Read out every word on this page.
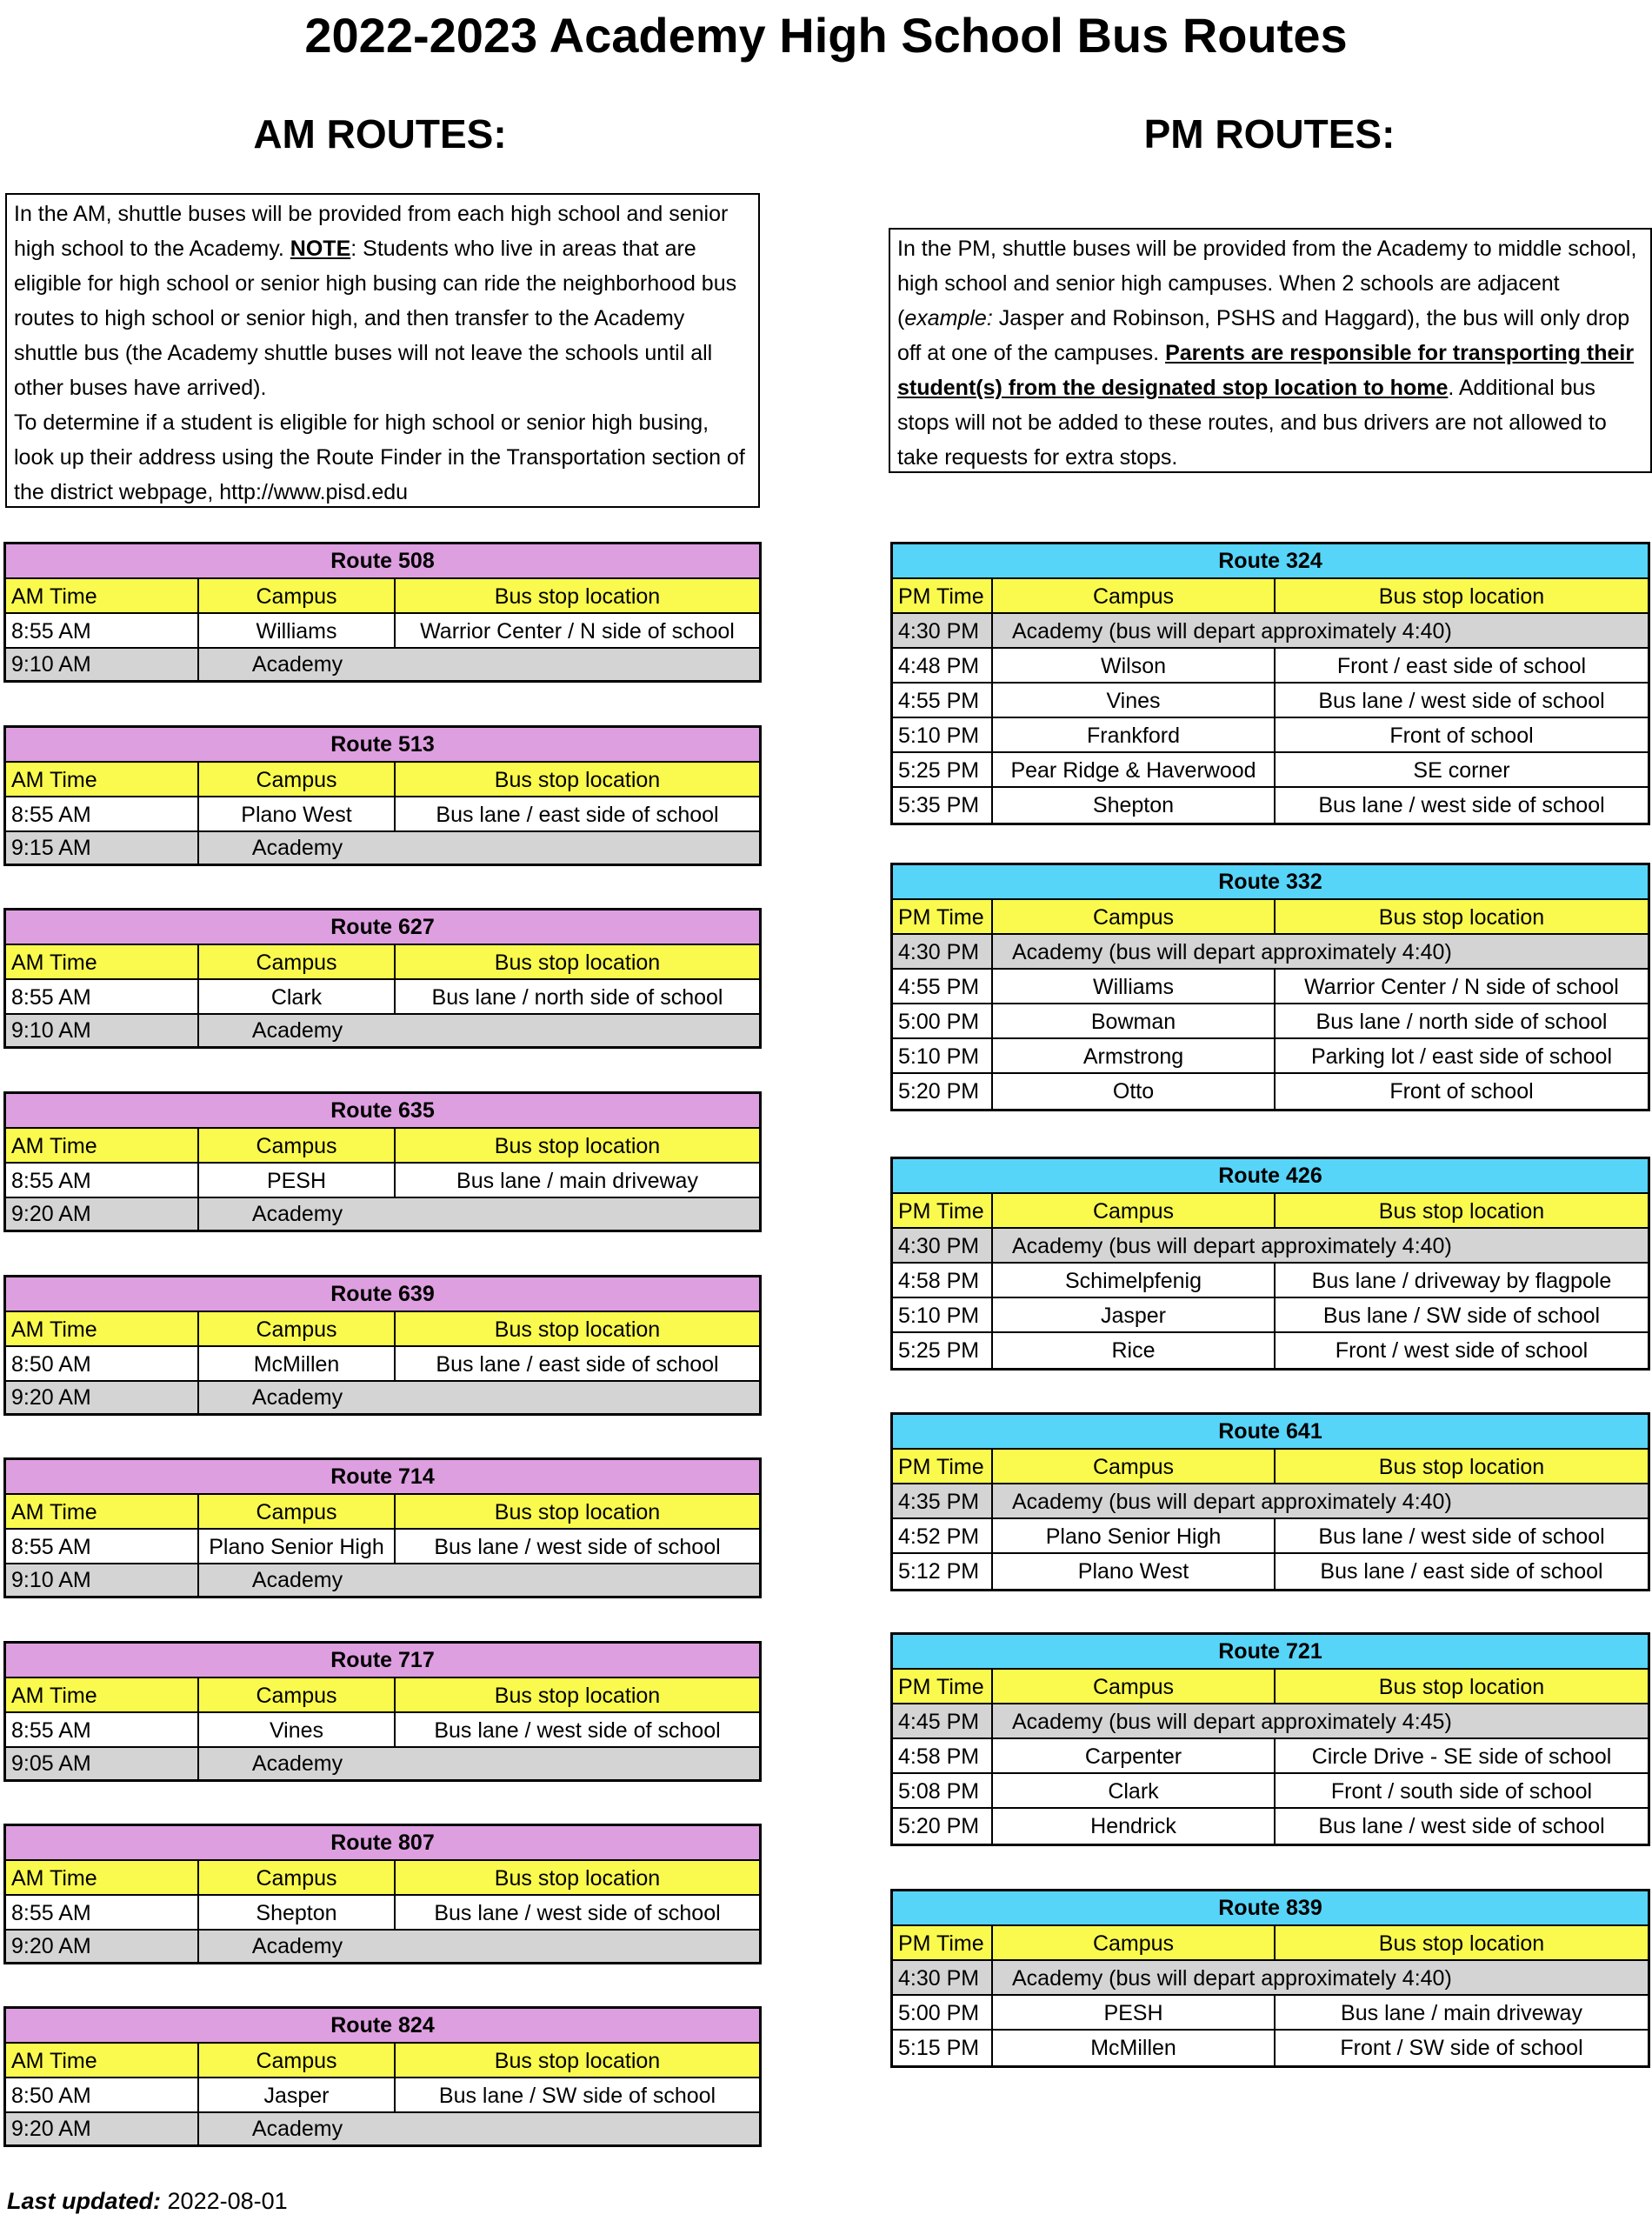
2022-2023 Academy High School Bus Routes
AM ROUTES:	PM ROUTES:

In the AM, shuttle buses will be provided from each high school and senior high school to the Academy. NOTE: Students who live in areas that are eligible for high school or senior high busing can ride the neighborhood bus routes to high school or senior high, and then transfer to the Academy shuttle bus (the Academy shuttle buses will not leave the schools until all other buses have arrived).

To determine if a student is eligible for high school or senior high busing, look up their address using the Route Finder in the Transportation section of the district webpage, http://www.pisd.edu

In the PM, shuttle buses will be provided from the Academy to middle school, high school and senior high campuses. When 2 schools are adjacent (example: Jasper and Robinson, PSHS and Haggard), the bus will only drop off at one of the campuses. Parents are responsible for transporting their student(s) from the designated stop location to home. Additional bus stops will not be added to these routes, and bus drivers are not allowed to take requests for extra stops.

Route 508
AM Time	Campus	Bus stop location
8:55 AM	Williams	Warrior Center / N side of school
9:10 AM	Academy
Route 513
AM Time	Campus	Bus stop location
8:55 AM	Plano West	Bus lane / east side of school
9:15 AM	Academy
Route 627
AM Time	Campus	Bus stop location
8:55 AM	Clark	Bus lane / north side of school
9:10 AM	Academy
Route 635
AM Time	Campus	Bus stop location
8:55 AM	PESH	Bus lane / main driveway
9:20 AM	Academy
Route 639
AM Time	Campus	Bus stop location
8:50 AM	McMillen	Bus lane / east side of school
9:20 AM	Academy
Route 714
AM Time	Campus	Bus stop location
8:55 AM	Plano Senior High	Bus lane / west side of school
9:10 AM	Academy
Route 717
AM Time	Campus	Bus stop location
8:55 AM	Vines	Bus lane / west side of school
9:05 AM	Academy
Route 807
AM Time	Campus	Bus stop location
8:55 AM	Shepton	Bus lane / west side of school
9:20 AM	Academy
Route 824
AM Time	Campus	Bus stop location
8:50 AM	Jasper	Bus lane / SW side of school
9:20 AM	Academy
Route 324
PM Time	Campus	Bus stop location
4:30 PM	Academy (bus will depart approximately 4:40)
4:48 PM	Wilson	Front / east side of school
4:55 PM	Vines	Bus lane / west side of school
5:10 PM	Frankford	Front of school
5:25 PM	Pear Ridge & Haverwood	SE corner
5:35 PM	Shepton	Bus lane / west side of school
Route 332
PM Time	Campus	Bus stop location
4:30 PM	Academy (bus will depart approximately 4:40)
4:55 PM	Williams	Warrior Center / N side of school
5:00 PM	Bowman	Bus lane / north side of school
5:10 PM	Armstrong	Parking lot / east side of school
5:20 PM	Otto	Front of school
Route 426
PM Time	Campus	Bus stop location
4:30 PM	Academy (bus will depart approximately 4:40)
4:58 PM	Schimelpfenig	Bus lane / driveway by flagpole
5:10 PM	Jasper	Bus lane / SW side of school
5:25 PM	Rice	Front / west side of school
Route 641
PM Time	Campus	Bus stop location
4:35 PM	Academy (bus will depart approximately 4:40)
4:52 PM	Plano Senior High	Bus lane / west side of school
5:12 PM	Plano West	Bus lane / east side of school
Route 721
PM Time	Campus	Bus stop location
4:45 PM	Academy (bus will depart approximately 4:45)
4:58 PM	Carpenter	Circle Drive - SE side of school
5:08 PM	Clark	Front / south side of school
5:20 PM	Hendrick	Bus lane / west side of school
Route 839
PM Time	Campus	Bus stop location
4:30 PM	Academy (bus will depart approximately 4:40)
5:00 PM	PESH	Bus lane / main driveway
5:15 PM	McMillen	Front / SW side of school
Last updated: 2022-08-01
